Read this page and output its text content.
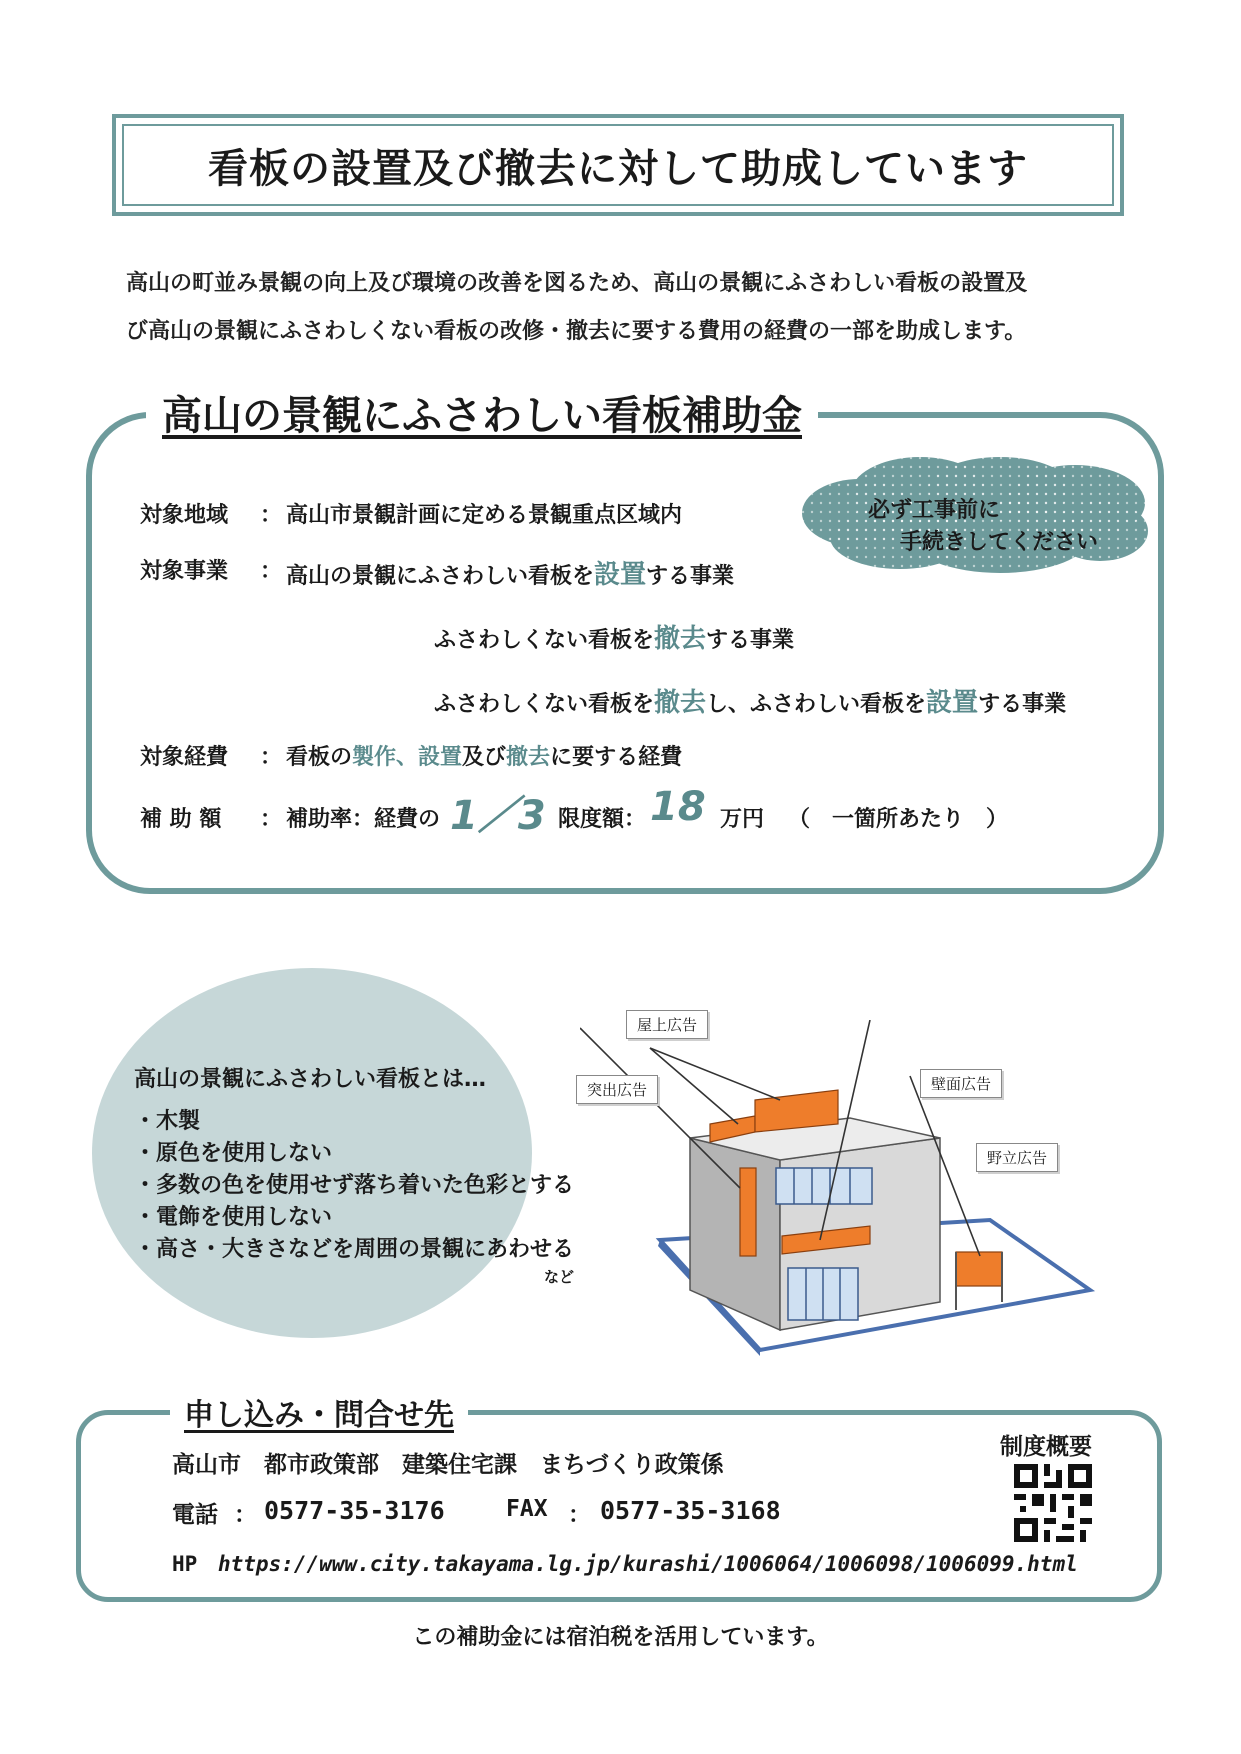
看板の設置及び撤去に対して助成しています
高山の町並み景観の向上及び環境の改善を図るため、高山の景観にふさわしい看板の設置及
び高山の景観にふさわしくない看板の改修・撤去に要する費用の経費の一部を助成します。
高山の景観にふさわしい看板補助金
必ず工事前に
手続きしてください
対象地域 ： 高山市景観計画に定める景観重点区域内
対象事業 ： 高山の景観にふさわしい看板を設置する事業
ふさわしくない看板を撤去する事業
ふさわしくない看板を撤去し、ふさわしい看板を設置する事業
対象経費 ： 看板の製作、設置及び撤去に要する経費
補 助 額 ： 補助率：経費の 1／3 限度額： 18 万円 （　一箇所あたり　）
高山の景観にふさわしい看板とは…
・木製
・原色を使用しない
・多数の色を使用せず落ち着いた色彩とする
・電飾を使用しない
・高さ・大きさなどを周囲の景観にあわせる
など
屋上広告
突出広告	壁面広告
野立広告
申し込み・問合せ先
高山市　都市政策部　建築住宅課　まちづくり政策係
電話 ： 0577-35-3176	FAX ： 0577-35-3168
HP https://www.city.takayama.lg.jp/kurashi/1006064/1006098/1006099.html
制度概要
この補助金には宿泊税を活用しています。
